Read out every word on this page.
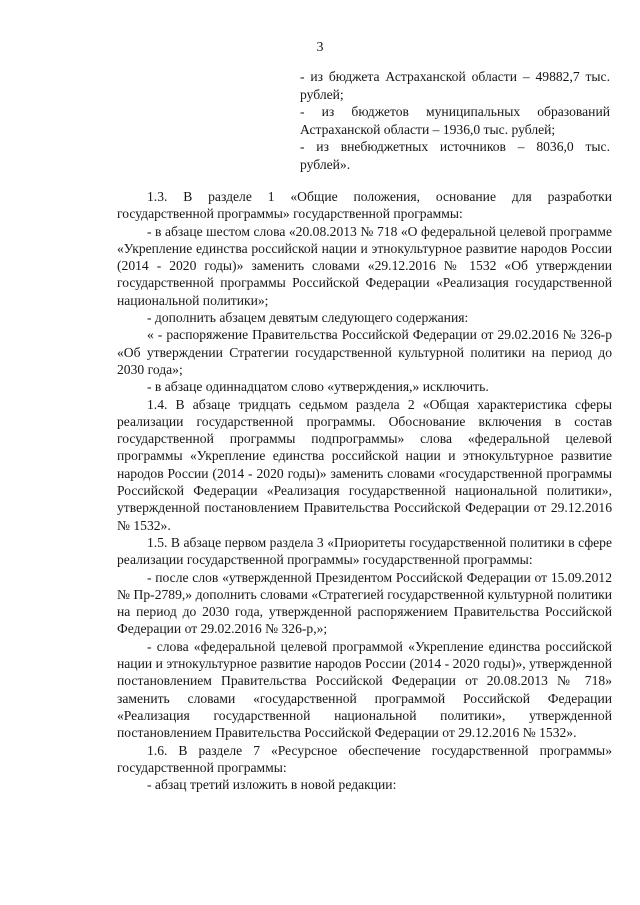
3

- из бюджета Астраханской области – 49882,7 тыс. рублей;

- из бюджетов муниципальных образований Астраханской области – 1936,0 тыс. рублей;

- из внебюджетных источников – 8036,0 тыс. рублей».

1.3. В разделе 1 «Общие положения, основание для разработки государственной программы» государственной программы:

- в абзаце шестом слова «20.08.2013 № 718 «О федеральной целевой программе «Укрепление единства российской нации и этнокультурное развитие народов России (2014 - 2020 годы)» заменить словами «29.12.2016 № 1532 «Об утверждении государственной программы Российской Федерации «Реализация государственной национальной политики»;

- дополнить абзацем девятым следующего содержания:

« - распоряжение Правительства Российской Федерации от 29.02.2016 № 326-р «Об утверждении Стратегии государственной культурной политики на период до 2030 года»;

- в абзаце одиннадцатом слово «утверждения,» исключить.

1.4. В абзаце тридцать седьмом раздела 2 «Общая характеристика сферы реализации государственной программы. Обоснование включения в состав государственной программы подпрограммы» слова «федеральной целевой программы «Укрепление единства российской нации и этнокультурное развитие народов России (2014 - 2020 годы)» заменить словами «государственной программы Российской Федерации «Реализация государственной национальной политики», утвержденной постановлением Правительства Российской Федерации от 29.12.2016 № 1532».

1.5. В абзаце первом раздела 3 «Приоритеты государственной политики в сфере реализации государственной программы» государственной программы:

- после слов «утвержденной Президентом Российской Федерации от 15.09.2012 № Пр-2789,» дополнить словами «Стратегией государственной культурной политики на период до 2030 года, утвержденной распоряжением Правительства Российской Федерации от 29.02.2016 № 326-р,»;

- слова «федеральной целевой программой «Укрепление единства российской нации и этнокультурное развитие народов России (2014 - 2020 годы)», утвержденной постановлением Правительства Российской Федерации от 20.08.2013 № 718» заменить словами «государственной программой Российской Федерации «Реализация государственной национальной политики», утвержденной постановлением Правительства Российской Федерации от 29.12.2016 № 1532».

1.6. В разделе 7 «Ресурсное обеспечение государственной программы» государственной программы:

- абзац третий изложить в новой редакции:
